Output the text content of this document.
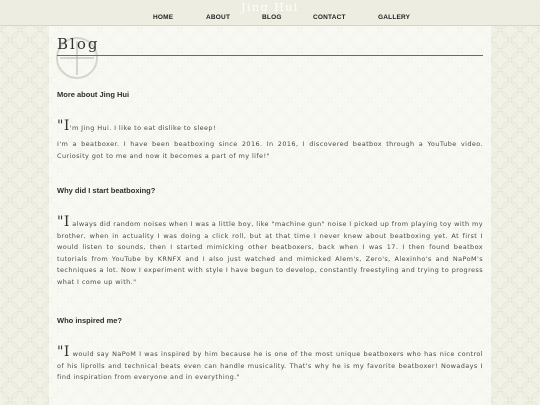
Jing Hui
HOME	ABOUT	BLOG	CONTACT	GALLERY
Blog
More about Jing Hui
"I'm Jing Hui. I like to eat dislike to sleep!
I'm a beatboxer. I have been beatboxing since 2016. In 2016, I discovered beatbox through a YouTube video. Curiosity got to me and now it becomes a part of my life!"
Why did I start beatboxing?
"I always did random noises when I was a little boy, like "machine gun" noise I picked up from playing toy with my brother, when in actuality I was doing a click roll, but at that time I never knew about beatboxing yet. At first I would listen to sounds, then I started mimicking other beatboxers, back when I was 17. I then found beatbox tutorials from YouTube by KRNFX and I also just watched and mimicked Alem's, Zero's, Alexinho's and NaPoM's techniques a lot. Now I experiment with style I have begun to develop, constantly freestyling and trying to progress what I come up with."
Who inspired me?
"I would say NaPoM I was inspired by him because he is one of the most unique beatboxers who has nice control of his liprolls and technical beats even can handle musicality. That's why he is my favorite beatboxer! Nowadays I find inspiration from everyone and in everything."
